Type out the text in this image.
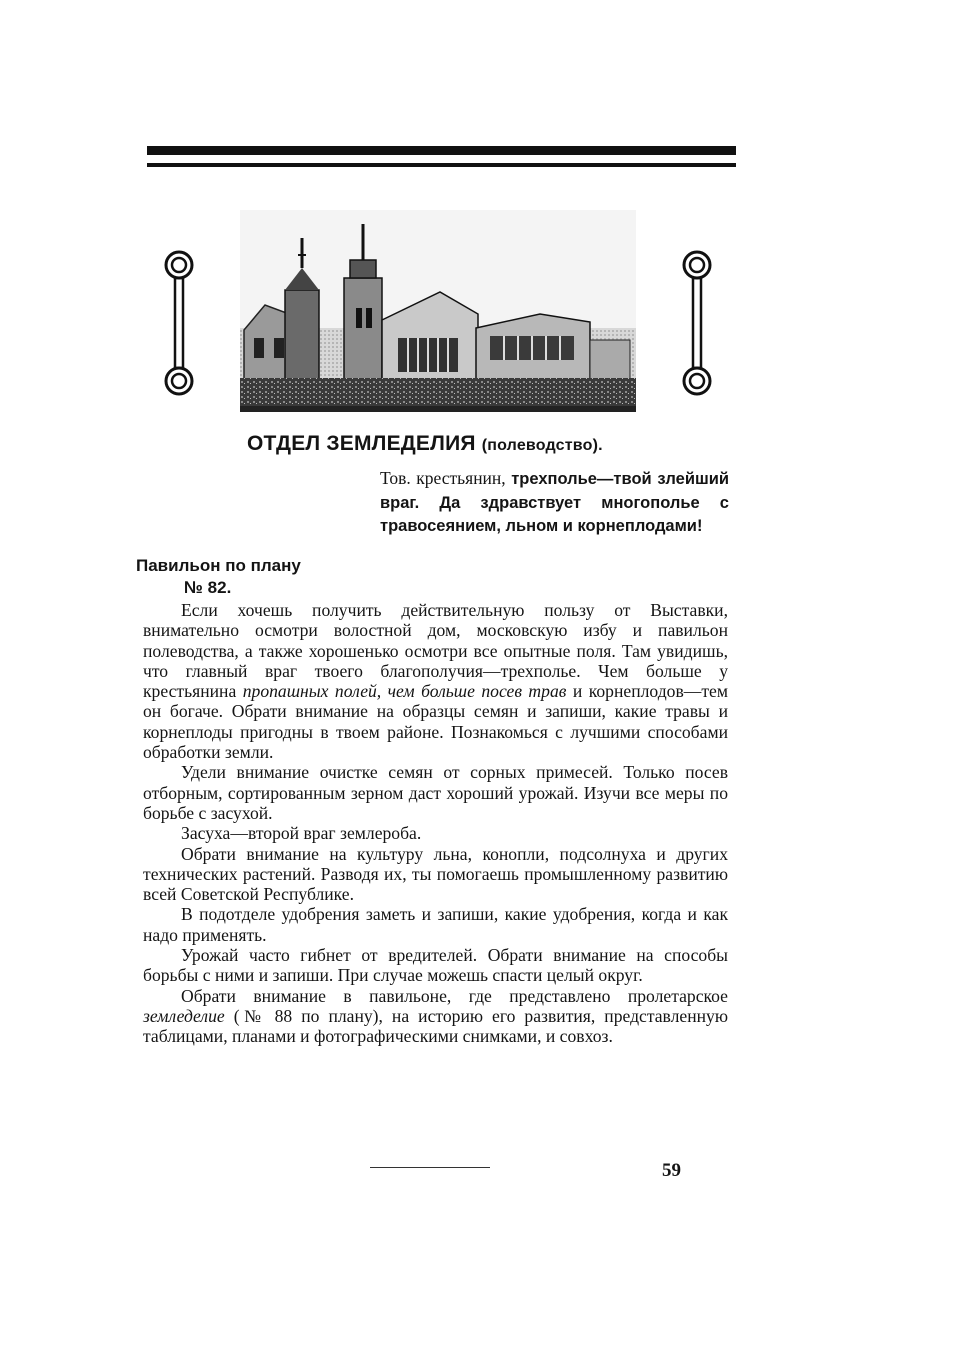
ОТДЕЛ ЗЕМЛЕДЕЛИЯ (полеводство).
Тов. крестьянин, трехполье—твой злейший враг. Да здравствует многополье с травосеянием, льном и корнеплодами!
Павильон по плану
№ 82.

Если хочешь получить действительную пользу от Выставки, внимательно осмотри волостной дом, московскую избу и павильон полеводства, а также хорошенько осмотри все опытные поля. Там увидишь, что главный враг твоего благополучия—трехполье. Чем больше у крестьянина пропашных полей, чем больше посев трав и корнеплодов—тем он богаче. Обрати внимание на образцы семян и запиши, какие травы и корнеплоды пригодны в твоем районе. Познакомься с лучшими способами обработки земли.

Удели внимание очистке семян от сорных примесей. Только посев отборным, сортированным зерном даст хороший урожай. Изучи все меры по борьбе с засухой.

Засуха—второй враг землероба.

Обрати внимание на культуру льна, конопли, подсолнуха и других технических растений. Разводя их, ты помогаешь промышленному развитию всей Советской Республике.

В подотделе удобрения заметь и запиши, какие удобрения, когда и как надо применять.

Урожай часто гибнет от вредителей. Обрати внимание на способы борьбы с ними и запиши. При случае можешь спасти целый округ.

Обрати внимание в павильоне, где представлено пролетарское земледелие (№ 88 по плану), на историю его развития, представленную таблицами, планами и фотографическими снимками, и совхоз.

59
